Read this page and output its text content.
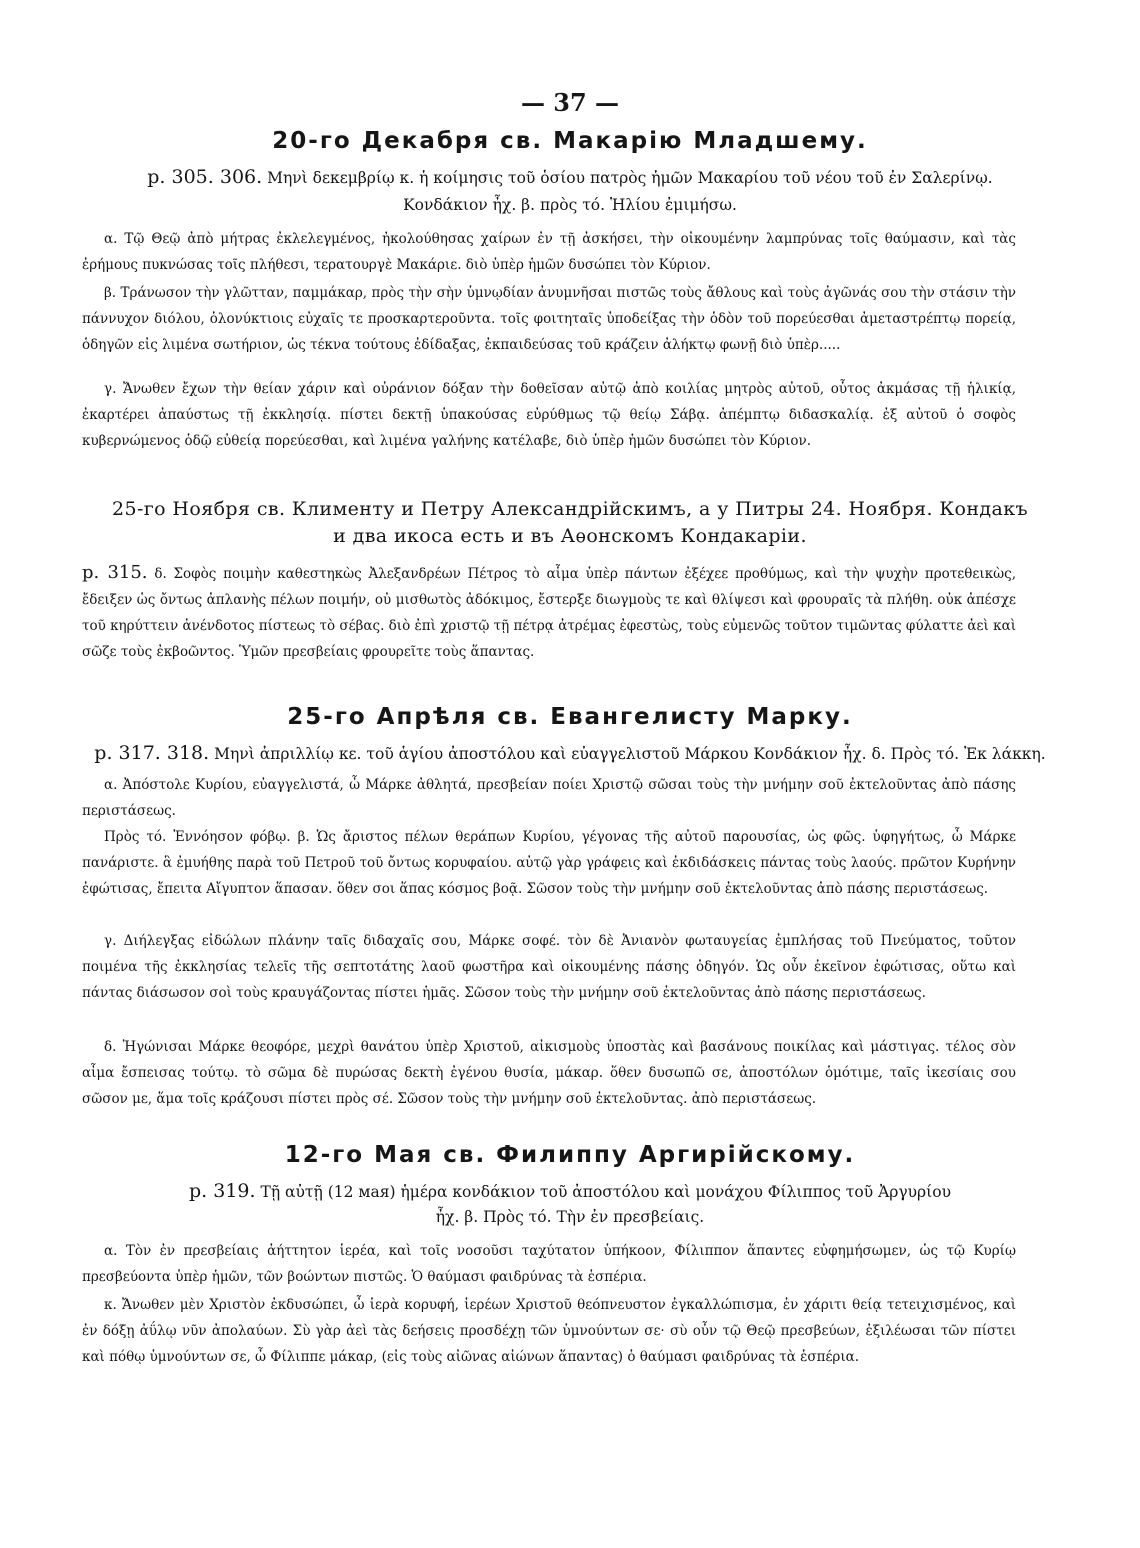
— 37 —
20-го Декабря св. Макарію Младшему.
р. 305. 306. Μηνὶ δεκεμβρίῳ κ. ἡ κοίμησις τοῦ ὁσίου πατρὸς ἡμῶν Μακαρίου τοῦ νέου τοῦ ἐν Σαλερίνῳ.
Κονδάκιον ἦχ. β. πρὸς τό. Ἡλίου ἐμιμήσω.

α. Τῷ Θεῷ ἀπὸ μήτρας ἐκλελεγμένος, ἠκολούθησας χαίρων ἐν τῇ ἀσκήσει, τὴν οἰκουμένην λαμπρύνας τοῖς θαύμασιν, καὶ τὰς ἐρήμους πυκνώσας τοῖς πλήθεσι, τερατουργὲ Μακάριε. διὸ ὑπὲρ ἡμῶν δυσώπει τὸν Κύριον.

β. Τράνωσον τὴν γλῶτταν, παμμάκαρ, πρὸς τὴν σὴν ὑμνῳδίαν ἀνυμνῆσαι πιστῶς τοὺς ἄθλους καὶ τοὺς ἀγῶνάς σου τὴν στάσιν τὴν πάννυχον διόλου, ὁλονύκτιοις εὐχαῖς τε προσκαρτεροῦντα. τοῖς φοιτηταῖς ὑποδείξας τὴν ὁδὸν τοῦ πορεύεσθαι ἀμεταστρέπτῳ πορείᾳ, ὁδηγῶν εἰς λιμένα σωτήριον, ὡς τέκνα τούτους ἐδίδαξας, ἐκπαιδεύσας τοῦ κράζειν ἀλήκτῳ φωνῇ διὸ ὑπὲρ.....

γ. Ἄνωθεν ἔχων τὴν θείαν χάριν καὶ οὐράνιον δόξαν τὴν δοθεῖσαν αὐτῷ ἀπὸ κοιλίας μητρὸς αὐτοῦ, οὗτος ἀκμάσας τῇ ἡλικίᾳ, ἐκαρτέρει ἀπαύστως τῇ ἐκκλησίᾳ. πίστει δεκτῇ ὑπακούσας εὐρύθμως τῷ θείῳ Σάβᾳ. ἀπέμπτῳ διδασκαλίᾳ. ἐξ αὐτοῦ ὁ σοφὸς κυβερνώμενος ὁδῷ εὐθείᾳ πορεύεσθαι, καὶ λιμένα γαλήνης κατέλαβε, διὸ ὑπὲρ ἡμῶν δυσώπει τὸν Κύριον.

25-го Ноября св. Клименту и Петру Александрійскимъ, а у Питры 24. Ноября. Кондакъ
и два икоса есть и въ Аѳонскомъ Кондакаріи.

р. 315. δ. Σοφὸς ποιμὴν καθεστηκὼς Ἀλεξανδρέων Πέτρος τὸ αἷμα ὑπὲρ πάντων ἐξέχεε προθύμως, καὶ τὴν ψυχὴν προτεθεικὼς, ἔδειξεν ὡς ὄντως ἀπλανὴς πέλων ποιμήν, οὐ μισθωτὸς ἀδόκιμος, ἔστερξε διωγμοὺς τε καὶ θλίψεσι καὶ φρουραῖς τὰ πλήθη. οὐκ ἀπέσχε τοῦ κηρύττειν ἀνένδοτος πίστεως τὸ σέβας. διὸ ἐπὶ χριστῷ τῇ πέτρᾳ ἀτρέμας ἐφεστὼς, τοὺς εὐμενῶς τοῦτον τιμῶντας φύλαττε ἀεὶ καὶ σῶζε τοὺς ἐκβοῶντος. Ὑμῶν πρεσβείαις φρουρεῖτε τοὺς ἅπαντας.

25-го Апрѣля св. Евангелисту Марку.
р. 317. 318. Μηνὶ ἀπριλλίῳ κε. τοῦ ἁγίου ἀποστόλου καὶ εὐαγγελιστοῦ Μάρκου Κονδάκιον ἦχ. δ. Πρὸς τό. Ἐκ λάκκη.

α. Ἀπόστολε Κυρίου, εὐαγγελιστά, ὦ Μάρκε ἀθλητά, πρεσβείαν ποίει Χριστῷ σῶσαι τοὺς τὴν μνήμην σοῦ ἐκτελοῦντας ἀπὸ πάσης περιστάσεως.

Πρὸς τό. Ἐννόησον φόβῳ. β. Ὡς ἄριστος πέλων θεράπων Κυρίου, γέγονας τῆς αὐτοῦ παρουσίας, ὡς φῶς. ὑφηγήτως, ὦ Μάρκε πανάριστε. ἃ ἐμυήθης παρὰ τοῦ Πετροῦ τοῦ ὄντως κορυφαίου. αὐτῷ γὰρ γράφεις καὶ ἐκδιδάσκεις πάντας τοὺς λαούς. πρῶτον Κυρήνην ἐφώτισας, ἔπειτα Αἴγυπτον ἅπασαν. ὅθεν σοι ἅπας κόσμος βοᾷ. Σῶσον τοὺς τὴν μνήμην σοῦ ἐκτελοῦντας ἀπὸ πάσης περιστάσεως.

γ. Διήλεγξας εἰδώλων πλάνην ταῖς διδαχαῖς σου, Μάρκε σοφέ. τὸν δὲ Ἀνιανὸν φωταυγείας ἐμπλήσας τοῦ Πνεύματος, τοῦτον ποιμένα τῆς ἐκκλησίας τελεῖς τῆς σεπτοτάτης λαοῦ φωστῆρα καὶ οἰκουμένης πάσης ὁδηγόν. Ὡς οὖν ἐκεῖνον ἐφώτισας, οὕτω καὶ πάντας διάσωσον σοὶ τοὺς κραυγάζοντας πίστει ἡμᾶς. Σῶσον τοὺς τὴν μνήμην σοῦ ἐκτελοῦντας ἀπὸ πάσης περιστάσεως.

δ. Ἠγώνισαι Μάρκε θεοφόρε, μεχρὶ θανάτου ὑπὲρ Χριστοῦ, αἰκισμοὺς ὑποστὰς καὶ βασάνους ποικίλας καὶ μάστιγας. τέλος σὸν αἷμα ἔσπεισας τούτῳ. τὸ σῶμα δὲ πυρώσας δεκτὴ ἐγένου θυσία, μάκαρ. ὅθεν δυσωπῶ σε, ἀποστόλων ὁμότιμε, ταῖς ἱκεσίαις σου σῶσον με, ἅμα τοῖς κράζουσι πίστει πρὸς σέ. Σῶσον τοὺς τὴν μνήμην σοῦ ἐκτελοῦντας. ἀπὸ περιστάσεως.

12-го Мая св. Филиппу Аргирійскому.
р. 319. Τῇ αὐτῇ (12 мая) ἡμέρα κονδάκιον τοῦ ἀποστόλου καὶ μονάχου Φίλιππος τοῦ Ἀργυρίου
ἦχ. β. Πρὸς τό. Τὴν ἐν πρεσβείαις.

α. Τὸν ἐν πρεσβείαις ἀήττητον ἱερέα, καὶ τοῖς νοσοῦσι ταχύτατον ὑπήκοον, Φίλιππον ἅπαντες εὐφημήσωμεν, ὡς τῷ Κυρίῳ πρεσβεύοντα ὑπὲρ ἡμῶν, τῶν βοώντων πιστῶς. Ὁ θαύμασι φαιδρύνας τὰ ἑσπέρια.

κ. Ἄνωθεν μὲν Χριστὸν ἐκδυσώπει, ὦ ἱερὰ κορυφή, ἱερέων Χριστοῦ θεόπνευστον ἐγκαλλώπισμα, ἐν χάριτι θείᾳ τετειχισμένος, καὶ ἐν δόξῃ ἀΰλῳ νῦν ἀπολαύων. Σὺ γὰρ ἀεὶ τὰς δεήσεις προσδέχῃ τῶν ὑμνούντων σε· σὺ οὖν τῷ Θεῷ πρεσβεύων, ἐξιλέωσαι τῶν πίστει καὶ πόθῳ ὑμνούντων σε, ὦ Φίλιππε μάκαρ, (εἰς τοὺς αἰῶνας αἰώνων ἅπαντας) ὁ θαύμασι φαιδρύνας τὰ ἑσπέρια.
